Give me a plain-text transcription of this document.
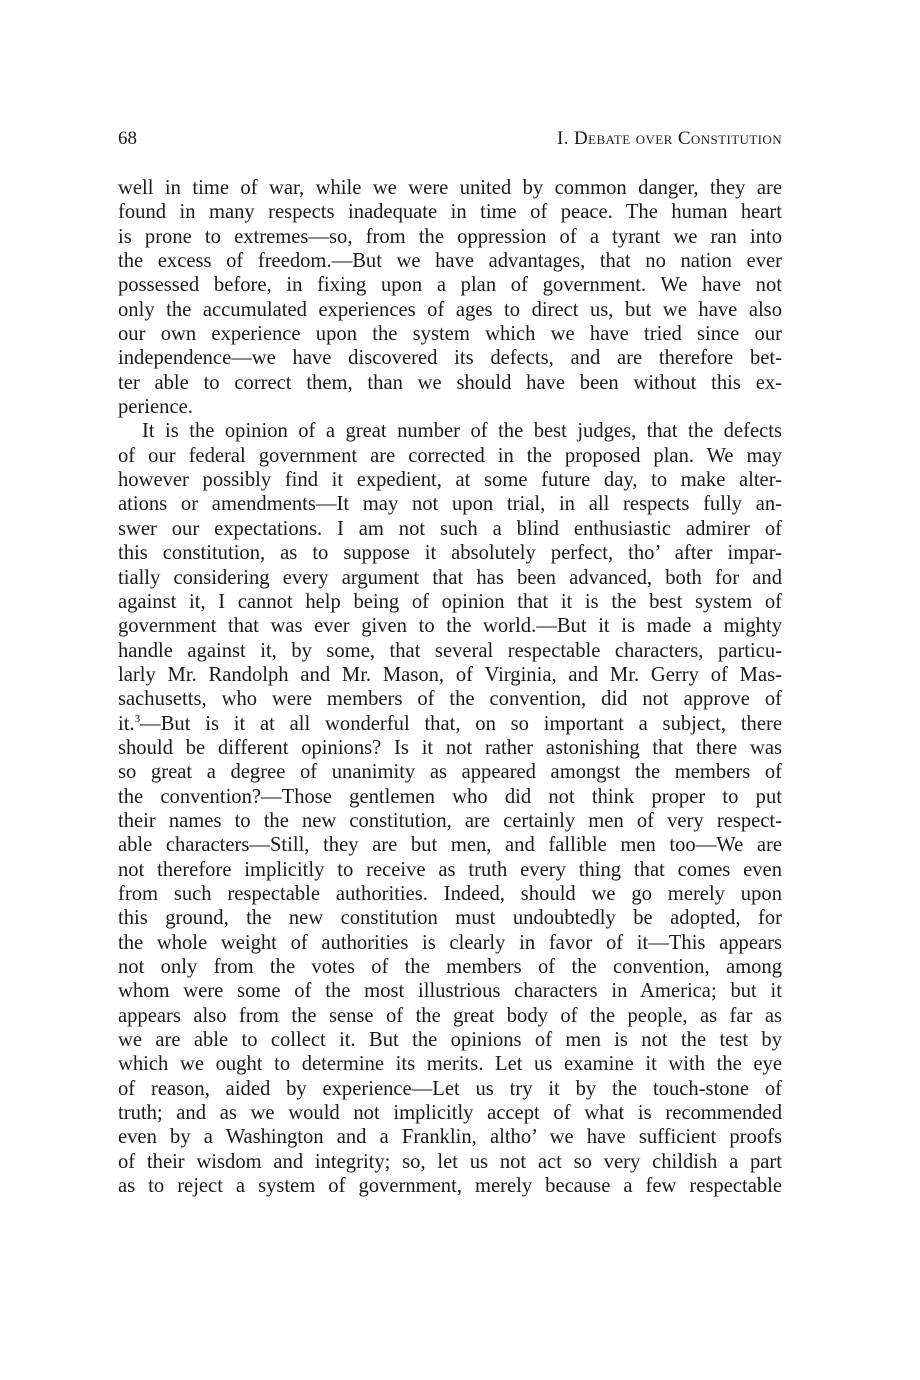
68	I. Debate over Constitution
well in time of war, while we were united by common danger, they are
found in many respects inadequate in time of peace. The human heart
is prone to extremes—so, from the oppression of a tyrant we ran into
the excess of freedom.—But we have advantages, that no nation ever
possessed before, in fixing upon a plan of government. We have not
only the accumulated experiences of ages to direct us, but we have also
our own experience upon the system which we have tried since our
independence—we have discovered its defects, and are therefore bet-
ter able to correct them, than we should have been without this ex-
perience.
It is the opinion of a great number of the best judges, that the defects
of our federal government are corrected in the proposed plan. We may
however possibly find it expedient, at some future day, to make alter-
ations or amendments—It may not upon trial, in all respects fully an-
swer our expectations. I am not such a blind enthusiastic admirer of
this constitution, as to suppose it absolutely perfect, tho’ after impar-
tially considering every argument that has been advanced, both for and
against it, I cannot help being of opinion that it is the best system of
government that was ever given to the world.—But it is made a mighty
handle against it, by some, that several respectable characters, particu-
larly Mr. Randolph and Mr. Mason, of Virginia, and Mr. Gerry of Mas-
sachusetts, who were members of the convention, did not approve of
it.$^3$—But is it at all wonderful that, on so important a subject, there
should be different opinions? Is it not rather astonishing that there was
so great a degree of unanimity as appeared amongst the members of
the convention?—Those gentlemen who did not think proper to put
their names to the new constitution, are certainly men of very respect-
able characters—Still, they are but men, and fallible men too—We are
not therefore implicitly to receive as truth every thing that comes even
from such respectable authorities. Indeed, should we go merely upon
this ground, the new constitution must undoubtedly be adopted, for
the whole weight of authorities is clearly in favor of it—This appears
not only from the votes of the members of the convention, among
whom were some of the most illustrious characters in America; but it
appears also from the sense of the great body of the people, as far as
we are able to collect it. But the opinions of men is not the test by
which we ought to determine its merits. Let us examine it with the eye
of reason, aided by experience—Let us try it by the touch-stone of
truth; and as we would not implicitly accept of what is recommended
even by a Washington and a Franklin, altho’ we have sufficient proofs
of their wisdom and integrity; so, let us not act so very childish a part
as to reject a system of government, merely because a few respectable
